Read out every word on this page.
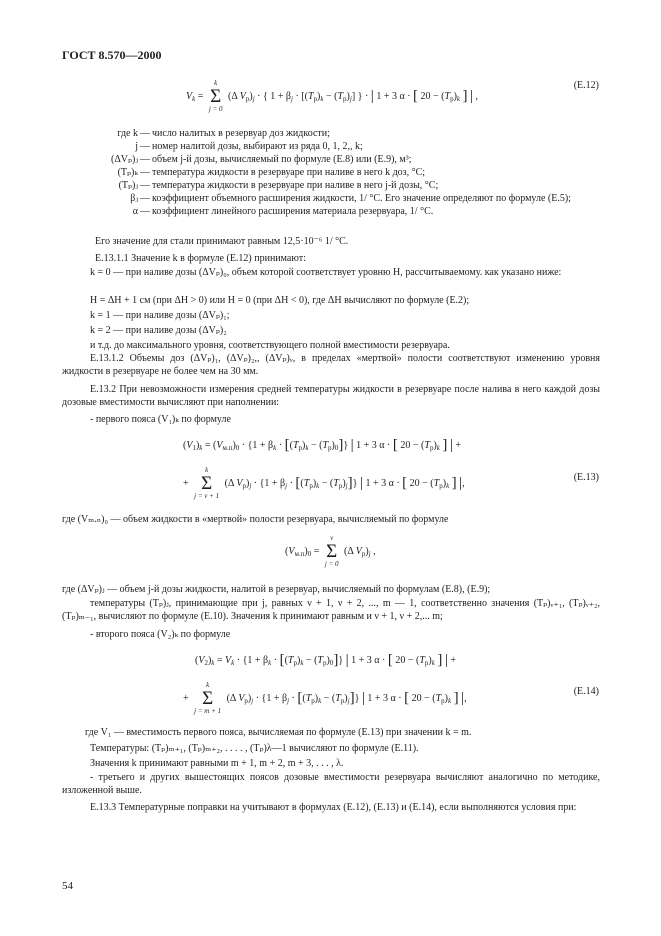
ГОСТ 8.570—2000
$V_k$ =
k
Σ
j = 0
(Δ $V_p)_j$ · { $1 + \beta_j \cdot [(T_p)_k - (T_p)_j]$ } · | 1 + 3 α · [ $20 - (T_p)_k$ ] | ,
(Е.12)
где k — число налитых в резервуар доз жидкости;
j — номер налитой дозы, выбирают из ряда 0, 1, 2,, k;
(ΔVₚ)ⱼ — объем j-й дозы, вычисляемый по формуле (Е.8) или (Е.9), м³;
(Tₚ)ₖ — температура жидкости в резервуаре при наливе в него k доз, °С;
(Tₚ)ⱼ — температура жидкости в резервуаре при наливе в него j-й дозы, °С;
βⱼ — коэффициент объемного расширения жидкости, 1/ °С. Его значение определяют по формуле (Е.5);
α — коэффициент линейного расширения материала резервуара, 1/ °С.
Его значение для стали принимают равным 12,5·10⁻⁶ 1/ °С.
Е.13.1.1 Значение k в формуле (Е.12) принимают:
k = 0 — при наливе дозы (ΔVₚ)₀, объем которой соответствует уровню H, рассчитываемому. как указано ниже:
H = ΔH + 1 см (при ΔH > 0) или H = 0 (при ΔH < 0), где ΔH вычисляют по формуле (Е.2);
k = 1 — при наливе дозы (ΔVₚ)₁;
k = 2 — при наливе дозы (ΔVₚ)₂
и т.д. до максимального уровня, соответствующего полной вместимости резервуара.
Е.13.1.2 Объемы доз (ΔVₚ)₁, (ΔVₚ)₂,, (ΔVₚ)ᵥ, в пределах «мертвой» полости соответствуют изменению уровня жидкости в резервуаре не более чем на 30 мм.
Е.13.2 При невозможности измерения средней температуры жидкости в резервуаре после налива в него каждой дозы дозовые вместимости вычисляют при наполнении:
- первого пояса (V₁)ₖ по формуле
$(V_1)_k = (V_{м.п})_0 \cdot \{1 + \beta_k \cdot [(T_p)_k - (T_p)_0]\}$ | 1 + 3 α · [ $20 - (T_p)_k$ ] | +
+
k
Σ
j = ν + 1
(Δ $V_p)_j \cdot \{1 + \beta_j \cdot [(T_p)_k - (T_p)_j]\}$ | 1 + 3 α · [ $20 - (T_p)_k$ ] |,
(Е.13)
где (Vₘ.ₙ)₀ — объем жидкости в «мертвой» полости резервуара, вычисляемый по формуле
$(V_{м.п})_0$ =
ν
Σ
j = 0
(Δ $V_p)_j$ ,
где (ΔVₚ)ⱼ — объем j-й дозы жидкости, налитой в резервуар, вычисляемый по формулам (Е.8), (Е.9);
температуры (Tₚ)ⱼ, принимающие при j, равных ν + 1, ν + 2, ..., m — 1, соответственно значения (Tₚ)ᵥ₊₁, (Tₚ)ᵥ₊₂, (Tₚ)ₘ₋₁, вычисляют по формуле (Е.10). Значения k принимают равным и ν + 1, ν + 2,... m;
- второго пояса (V₂)ₖ по формуле
$(V_2)_k = V_k \cdot \{1 + \beta_k \cdot [(T_p)_k - (T_p)_0]\}$ | 1 + 3 α · [ $20 - (T_p)_k$ ] | +
+
k
Σ
j = m + 1
(Δ $V_p)_j \cdot \{1 + \beta_j \cdot [(T_p)_k - (T_p)_j]\}$ | 1 + 3 α · [ $20 - (T_p)_k$ ] |,
(Е.14)
где V₁ — вместимость первого пояса, вычисляемая по формуле (Е.13) при значении k = m.
Температуры: (Tₚ)ₘ₊₁, (Tₚ)ₘ₊₂, . . . . , (Tₚ)λ—1 вычисляют по формуле (Е.11).
Значения k принимают равными m + 1, m + 2, m + 3, . . . , λ.
- третьего и других вышестоящих поясов дозовые вместимости резервуара вычисляют аналогично по методике, изложенной выше.
Е.13.3 Температурные поправки на учитывают в формулах (Е.12), (Е.13) и (Е.14), если выполняются условия при:
54
